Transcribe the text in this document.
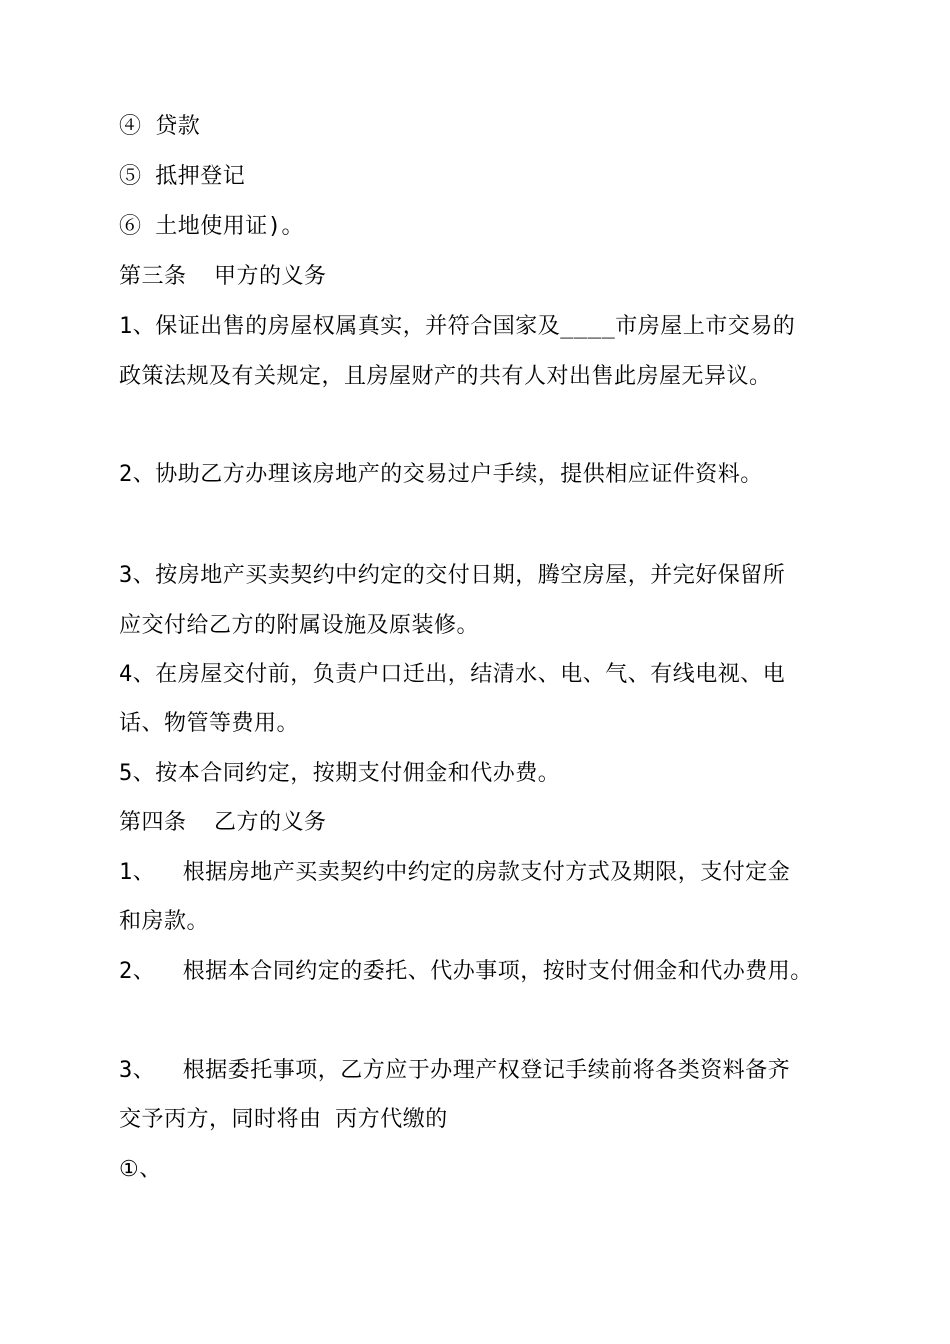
④ 贷款
⑤ 抵押登记
⑥ 土地使用证)。
第三条  甲方的义务
1、保证出售的房屋权属真实，并符合国家及____市房屋上市交易的
政策法规及有关规定，且房屋财产的共有人对出售此房屋无异议。
2、协助乙方办理该房地产的交易过户手续，提供相应证件资料。
3、按房地产买卖契约中约定的交付日期，腾空房屋，并完好保留所
应交付给乙方的附属设施及原装修。
4、在房屋交付前，负责户口迁出，结清水、电、气、有线电视、电
话、物管等费用。
5、按本合同约定，按期支付佣金和代办费。
第四条  乙方的义务
1、  根据房地产买卖契约中约定的房款支付方式及期限，支付定金
和房款。
2、  根据本合同约定的委托、代办事项，按时支付佣金和代办费用。
3、  根据委托事项，乙方应于办理产权登记手续前将各类资料备齐
交予丙方，同时将由 丙方代缴的
①、
